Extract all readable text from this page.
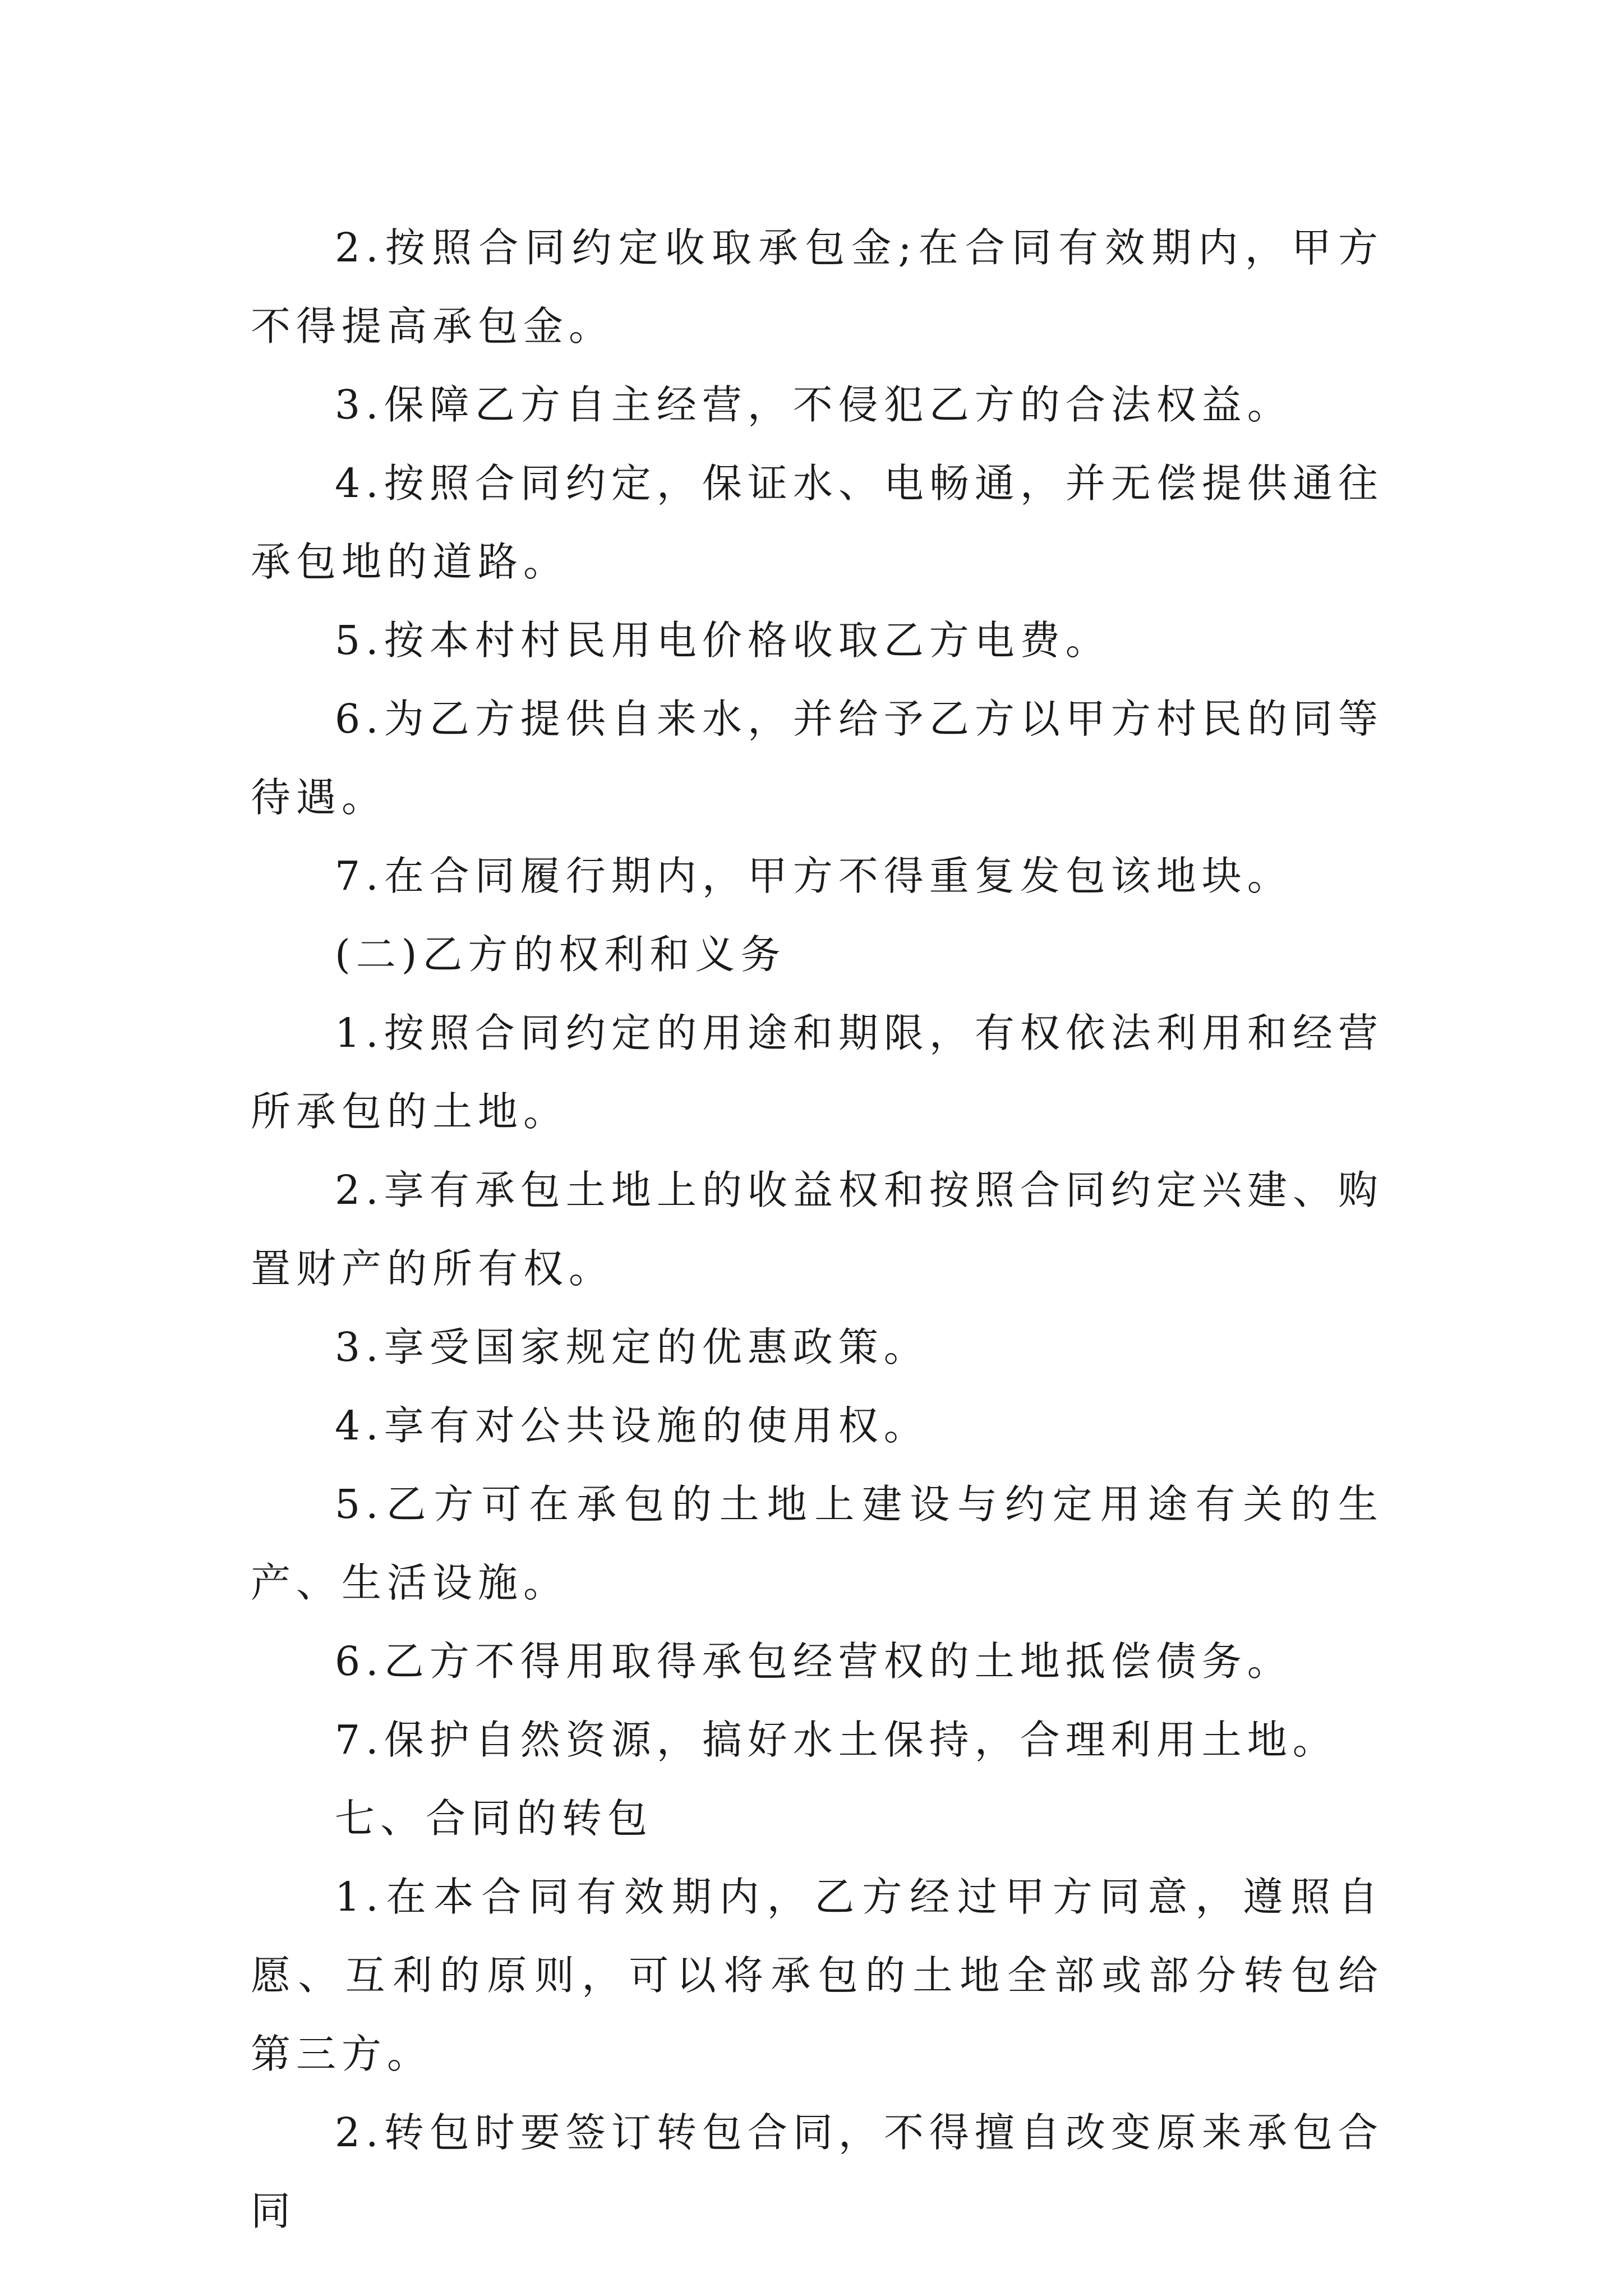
2.按照合同约定收取承包金;在合同有效期内，甲方不得提高承包金。

3.保障乙方自主经营，不侵犯乙方的合法权益。

4.按照合同约定，保证水、电畅通，并无偿提供通往承包地的道路。

5.按本村村民用电价格收取乙方电费。

6.为乙方提供自来水，并给予乙方以甲方村民的同等待遇。

7.在合同履行期内，甲方不得重复发包该地块。

(二)乙方的权利和义务

1.按照合同约定的用途和期限，有权依法利用和经营所承包的土地。

2.享有承包土地上的收益权和按照合同约定兴建、购置财产的所有权。

3.享受国家规定的优惠政策。

4.享有对公共设施的使用权。

5.乙方可在承包的土地上建设与约定用途有关的生产、生活设施。

6.乙方不得用取得承包经营权的土地抵偿债务。

7.保护自然资源，搞好水土保持，合理利用土地。

七、合同的转包

1.在本合同有效期内，乙方经过甲方同意，遵照自愿、互利的原则，可以将承包的土地全部或部分转包给第三方。

2.转包时要签订转包合同，不得擅自改变原来承包合同
